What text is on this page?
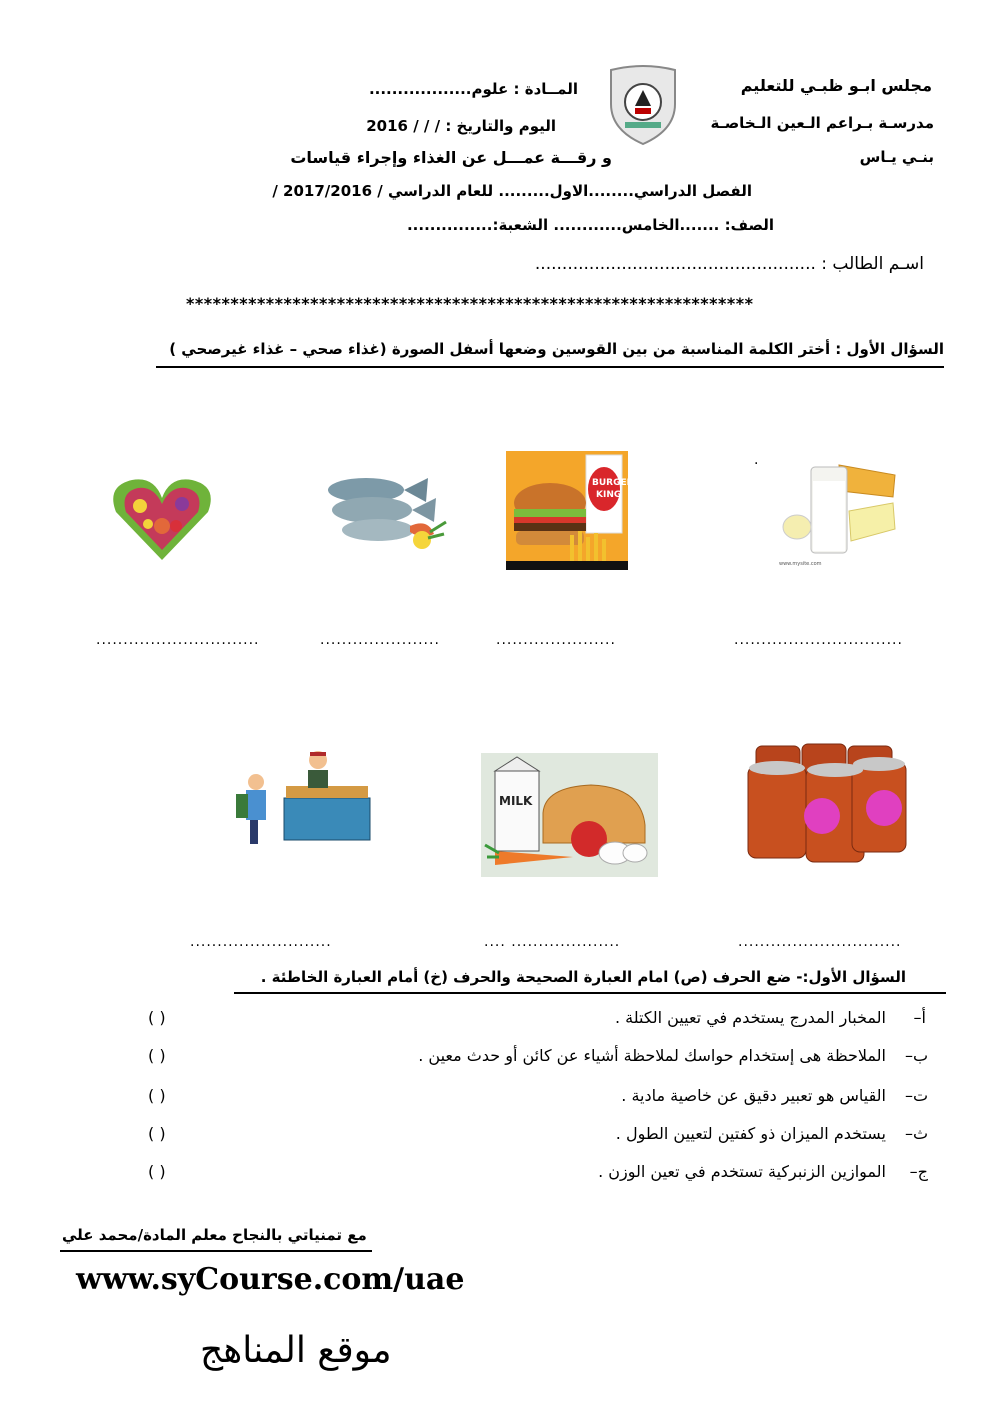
مجلس ابـو ظبـي للتعليم
مدرسـة بـراعم الـعين الـخاصـة
بنـي يـاس
المــادة : علوم..................
اليوم والتاريخ : / / / 2016
و رقـــة عمـــل عن الغذاء وإجراء قياسات
الفصل الدراسي........الاول......... للعام الدراسي / 2017/2016 /
الصف: .......الخامس............ الشعبة:...............
اسـم الطالب : ....................................................
****************************************************************
السؤال الأول : أختر الكلمة المناسبة من بين القوسين وضعها أسفل الصورة (غذاء صحي – غذاء غيرصحي )
.
www.mysite.com
BURGER
KING
..............................	......................	......................	...............................
MILK
..........................	.... ....................	..............................
السؤال الأول:- ضع الحرف (ص) امام العبارة الصحيحة والحرف (خ) أمام العبارة الخاطئة .
أ–
المخبار المدرج يستخدم في تعيين الكتلة .
( )
ب–
الملاحظة هى إستخدام حواسك لملاحظة أشياء عن كائن أو حدث معين .
( )
ت–
القياس هو تعبير دقيق عن خاصية مادية .
( )
ث–
يستخدم الميزان ذو كفتين لتعيين الطول .
( )
ج–
الموازين الزنبركية تستخدم في تعين الوزن .
( )
مع تمنياتي بالنجاح معلم المادة/محمد علي
www.syCourse.com/uae
موقع المناهج
